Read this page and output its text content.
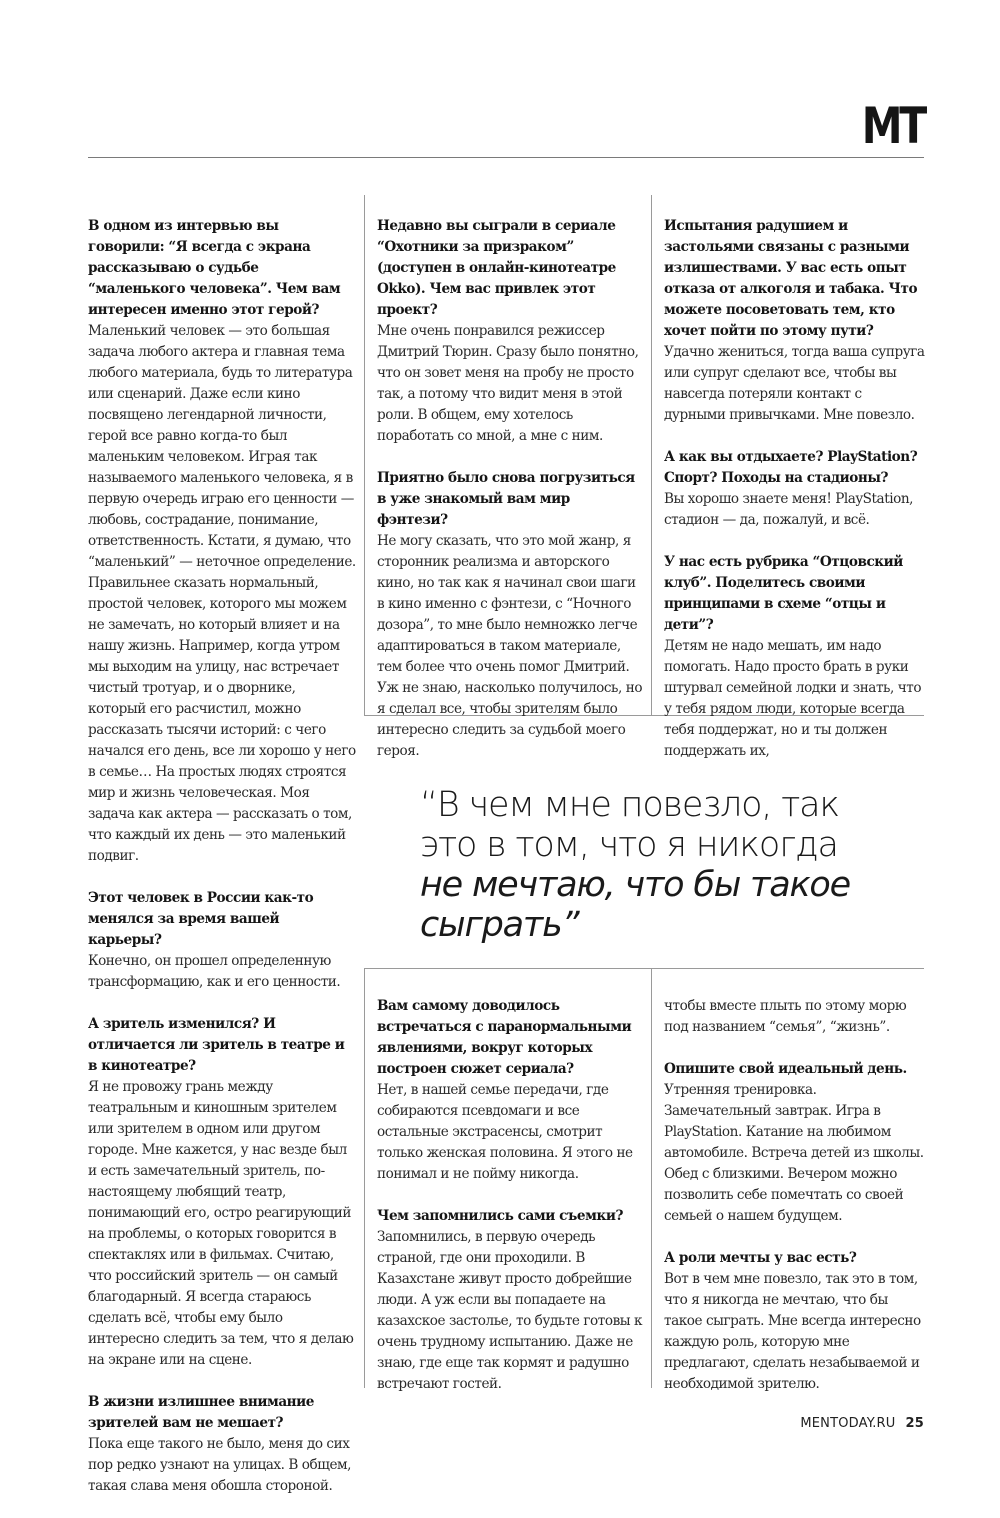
MT

В одном из интервью вы говорили: “Я всегда с экрана рассказываю о судьбе “маленького человека”. Чем вам интересен именно этот герой?
Маленький человек — это большая задача любого актера и главная тема любого материала, будь то литература или сценарий. Даже если кино посвящено легендарной личности, герой все равно когда-то был маленьким человеком. Играя так называемого маленького человека, я в первую очередь играю его ценности — любовь, сострадание, понимание, ответственность. Кстати, я думаю, что “маленький” — неточное определение. Правильнее сказать нормальный, простой человек, которого мы можем не замечать, но который влияет и на нашу жизнь. Например, когда утром мы выходим на улицу, нас встречает чистый тротуар, и о дворнике, который его расчистил, можно рассказать тысячи историй: с чего начался его день, все ли хорошо у него в семье… На простых людях строятся мир и жизнь человеческая. Моя задача как актера — рассказать о том, что каждый их день — это маленький подвиг.

Этот человек в России как-то менялся за время вашей карьеры?
Конечно, он прошел определенную трансформацию, как и его ценности.

А зритель изменился? И отличается ли зритель в театре и в кинотеатре?
Я не провожу грань между театральным и киношным зрителем или зрителем в одном или другом городе. Мне кажется, у нас везде был и есть замечательный зритель, по-настоящему любящий театр, понимающий его, остро реагирующий на проблемы, о которых говорится в спектаклях или в фильмах. Считаю, что российский зритель — он самый благодарный. Я всегда стараюсь сделать всё, чтобы ему было интересно следить за тем, что я делаю на экране или на сцене.

В жизни излишнее внимание зрителей вам не мешает?
Пока еще такого не было, меня до сих пор редко узнают на улицах. В общем, такая слава меня обошла стороной.

Недавно вы сыграли в сериале “Охотники за призраком” (доступен в онлайн-кинотеатре Okko). Чем вас привлек этот проект?
Мне очень понравился режиссер Дмитрий Тюрин. Сразу было понятно, что он зовет меня на пробу не просто так, а потому что видит меня в этой роли. В общем, ему хотелось поработать со мной, а мне с ним.

Приятно было снова погрузиться в уже знакомый вам мир фэнтези?
Не могу сказать, что это мой жанр, я сторонник реализма и авторского кино, но так как я начинал свои шаги в кино именно с фэнтези, с “Ночного дозора”, то мне было немножко легче адаптироваться в таком материале, тем более что очень помог Дмитрий. Уж не знаю, насколько получилось, но я сделал все, чтобы зрителям было интересно следить за судьбой моего героя.

Испытания радушием и застольями связаны с разными излишествами. У вас есть опыт отказа от алкоголя и табака. Что можете посоветовать тем, кто хочет пойти по этому пути?
Удачно жениться, тогда ваша супруга или супруг сделают все, чтобы вы навсегда потеряли контакт с дурными привычками. Мне повезло.

А как вы отдыхаете? PlayStation? Спорт? Походы на стадионы?
Вы хорошо знаете меня! PlayStation, стадион — да, пожалуй, и всё.

У нас есть рубрика “Отцовский клуб”. Поделитесь своими принципами в схеме “отцы и дети”?
Детям не надо мешать, им надо помогать. Надо просто брать в руки штурвал семейной лодки и знать, что у тебя рядом люди, которые всегда тебя поддержат, но и ты должен поддержать их,

“В чем мне повезло, так
это в том, что я никогда
не мечтаю, что бы такое
сыграть”

Вам самому доводилось встречаться с паранормальными явлениями, вокруг которых построен сюжет сериала?
Нет, в нашей семье передачи, где собираются псевдомаги и все остальные экстрасенсы, смотрит только женская половина. Я этого не понимал и не пойму никогда.

Чем запомнились сами съемки?
Запомнились, в первую очередь страной, где они проходили. В Казахстане живут просто добрейшие люди. А уж если вы попадаете на казахское застолье, то будьте готовы к очень трудному испытанию. Даже не знаю, где еще так кормят и радушно встречают гостей.

чтобы вместе плыть по этому морю под названием “семья”, “жизнь”.

Опишите свой идеальный день.
Утренняя тренировка. Замечательный завтрак. Игра в PlayStation. Катание на любимом автомобиле. Встреча детей из школы. Обед с близкими. Вечером можно позволить себе помечтать со своей семьей о нашем будущем.

А роли мечты у вас есть?
Вот в чем мне повезло, так это в том, что я никогда не мечтаю, что бы такое сыграть. Мне всегда интересно каждую роль, которую мне предлагают, сделать незабываемой и необходимой зрителю.

MENTODAY.RU 25
